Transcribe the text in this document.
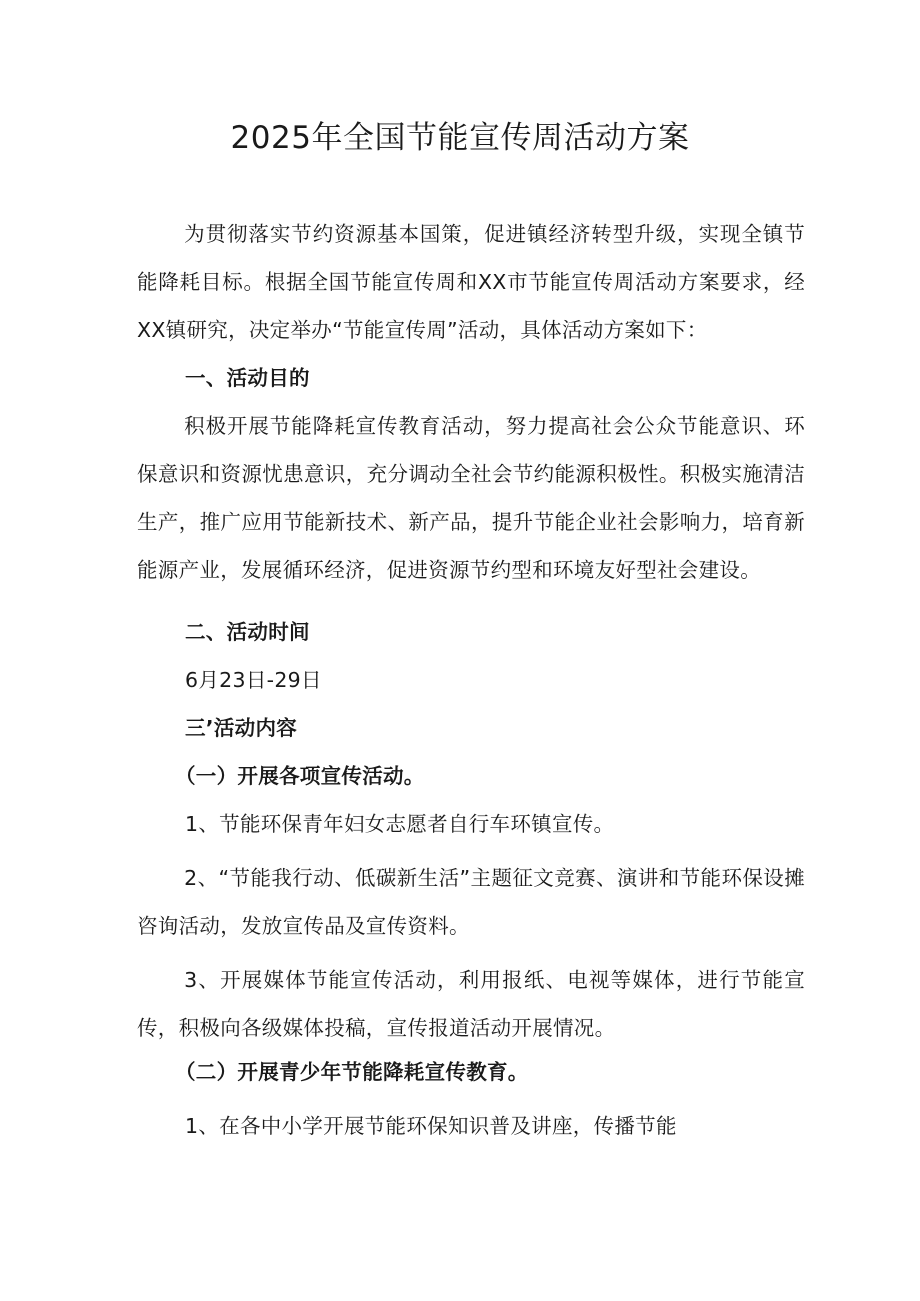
2025年全国节能宣传周活动方案

为贯彻落实节约资源基本国策，促进镇经济转型升级，实现全镇节能降耗目标。根据全国节能宣传周和XX市节能宣传周活动方案要求，经XX镇研究，决定举办“节能宣传周”活动，具体活动方案如下：

一、活动目的

积极开展节能降耗宣传教育活动，努力提高社会公众节能意识、环保意识和资源忧患意识，充分调动全社会节约能源积极性。积极实施清洁生产，推广应用节能新技术、新产品，提升节能企业社会影响力，培育新能源产业，发展循环经济，促进资源节约型和环境友好型社会建设。

二、活动时间

6月23日-29日

三’活动内容

（一）开展各项宣传活动。

1、节能环保青年妇女志愿者自行车环镇宣传。

2、“节能我行动、低碳新生活”主题征文竞赛、演讲和节能环保设摊咨询活动，发放宣传品及宣传资料。

3、开展媒体节能宣传活动，利用报纸、电视等媒体，进行节能宣传，积极向各级媒体投稿，宣传报道活动开展情况。

（二）开展青少年节能降耗宣传教育。

1、在各中小学开展节能环保知识普及讲座，传播节能
